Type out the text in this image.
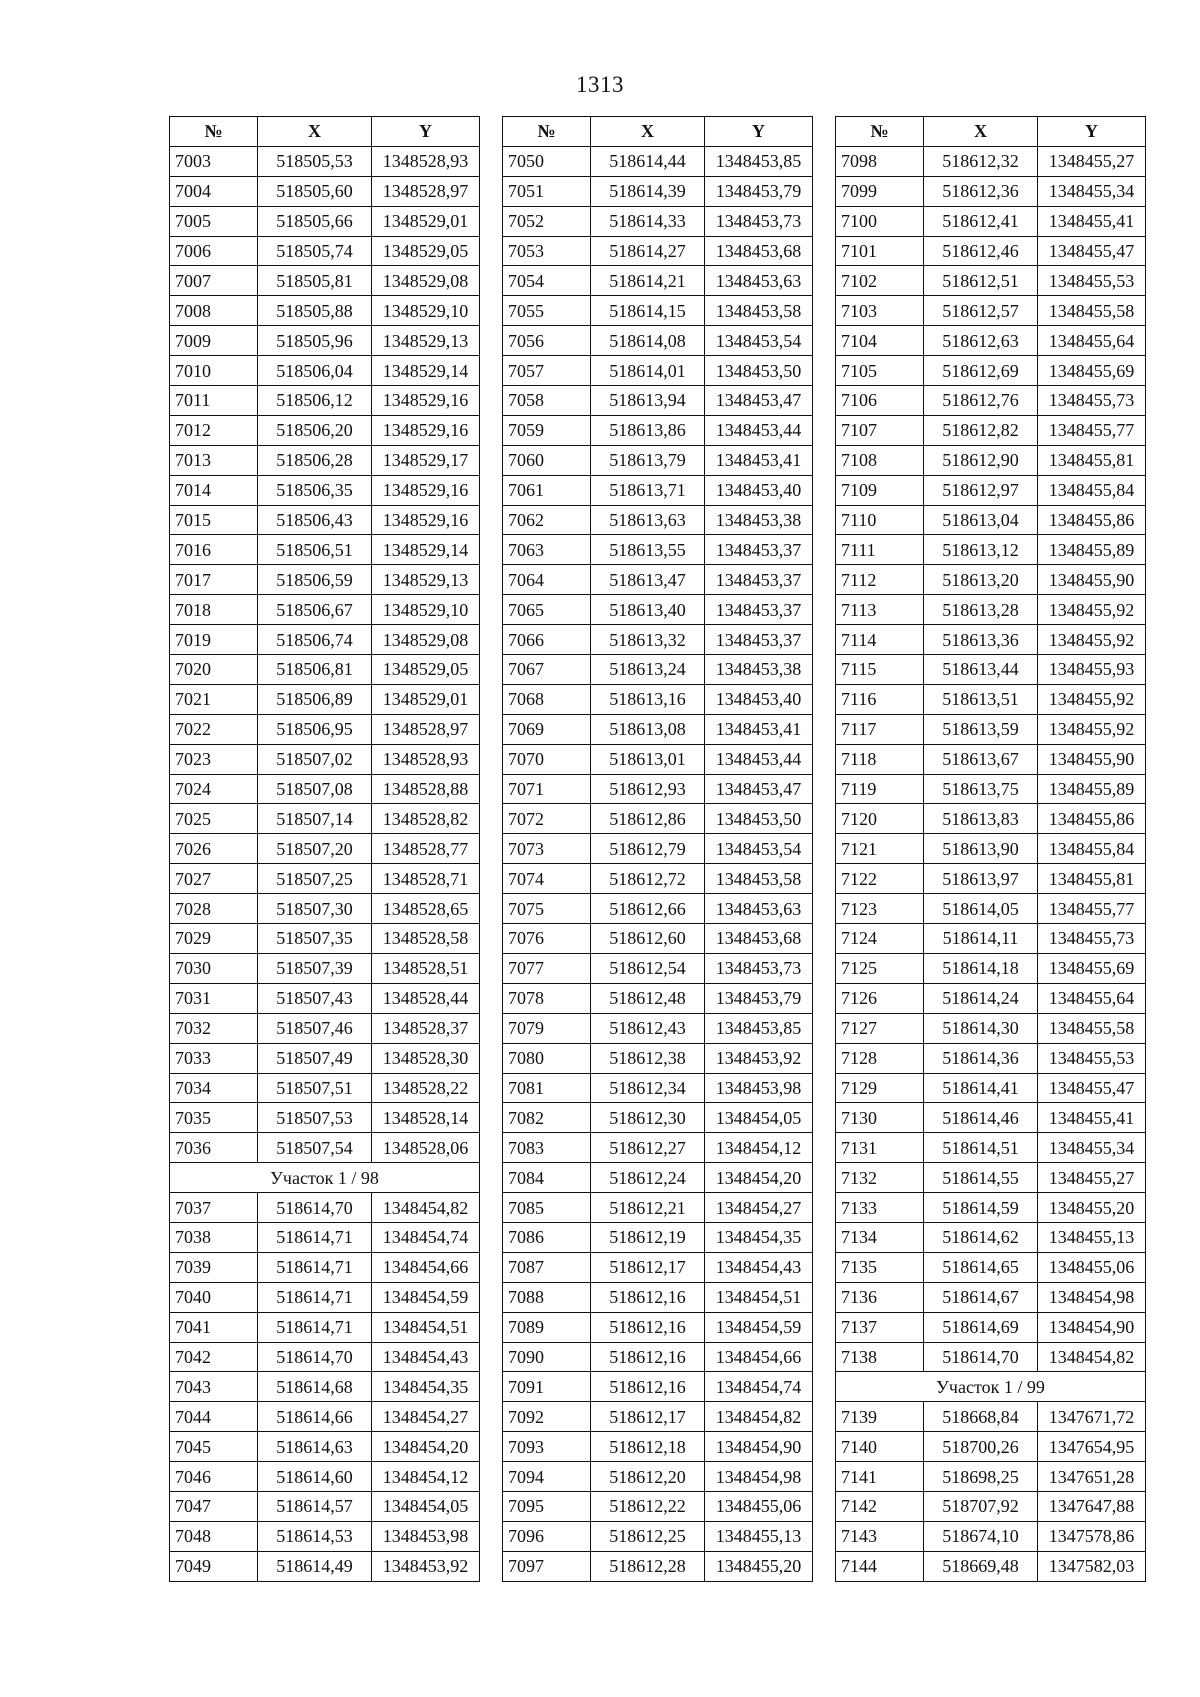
1313
№	X	Y
7003	518505,53	1348528,93
7004	518505,60	1348528,97
7005	518505,66	1348529,01
7006	518505,74	1348529,05
7007	518505,81	1348529,08
7008	518505,88	1348529,10
7009	518505,96	1348529,13
7010	518506,04	1348529,14
7011	518506,12	1348529,16
7012	518506,20	1348529,16
7013	518506,28	1348529,17
7014	518506,35	1348529,16
7015	518506,43	1348529,16
7016	518506,51	1348529,14
7017	518506,59	1348529,13
7018	518506,67	1348529,10
7019	518506,74	1348529,08
7020	518506,81	1348529,05
7021	518506,89	1348529,01
7022	518506,95	1348528,97
7023	518507,02	1348528,93
7024	518507,08	1348528,88
7025	518507,14	1348528,82
7026	518507,20	1348528,77
7027	518507,25	1348528,71
7028	518507,30	1348528,65
7029	518507,35	1348528,58
7030	518507,39	1348528,51
7031	518507,43	1348528,44
7032	518507,46	1348528,37
7033	518507,49	1348528,30
7034	518507,51	1348528,22
7035	518507,53	1348528,14
7036	518507,54	1348528,06
Участок 1 / 98		
7037	518614,70	1348454,82
7038	518614,71	1348454,74
7039	518614,71	1348454,66
7040	518614,71	1348454,59
7041	518614,71	1348454,51
7042	518614,70	1348454,43
7043	518614,68	1348454,35
7044	518614,66	1348454,27
7045	518614,63	1348454,20
7046	518614,60	1348454,12
7047	518614,57	1348454,05
7048	518614,53	1348453,98
7049	518614,49	1348453,92
№	X	Y
7050	518614,44	1348453,85
7051	518614,39	1348453,79
7052	518614,33	1348453,73
7053	518614,27	1348453,68
7054	518614,21	1348453,63
7055	518614,15	1348453,58
7056	518614,08	1348453,54
7057	518614,01	1348453,50
7058	518613,94	1348453,47
7059	518613,86	1348453,44
7060	518613,79	1348453,41
7061	518613,71	1348453,40
7062	518613,63	1348453,38
7063	518613,55	1348453,37
7064	518613,47	1348453,37
7065	518613,40	1348453,37
7066	518613,32	1348453,37
7067	518613,24	1348453,38
7068	518613,16	1348453,40
7069	518613,08	1348453,41
7070	518613,01	1348453,44
7071	518612,93	1348453,47
7072	518612,86	1348453,50
7073	518612,79	1348453,54
7074	518612,72	1348453,58
7075	518612,66	1348453,63
7076	518612,60	1348453,68
7077	518612,54	1348453,73
7078	518612,48	1348453,79
7079	518612,43	1348453,85
7080	518612,38	1348453,92
7081	518612,34	1348453,98
7082	518612,30	1348454,05
7083	518612,27	1348454,12
7084	518612,24	1348454,20
7085	518612,21	1348454,27
7086	518612,19	1348454,35
7087	518612,17	1348454,43
7088	518612,16	1348454,51
7089	518612,16	1348454,59
7090	518612,16	1348454,66
7091	518612,16	1348454,74
7092	518612,17	1348454,82
7093	518612,18	1348454,90
7094	518612,20	1348454,98
7095	518612,22	1348455,06
7096	518612,25	1348455,13
7097	518612,28	1348455,20
№	X	Y
7098	518612,32	1348455,27
7099	518612,36	1348455,34
7100	518612,41	1348455,41
7101	518612,46	1348455,47
7102	518612,51	1348455,53
7103	518612,57	1348455,58
7104	518612,63	1348455,64
7105	518612,69	1348455,69
7106	518612,76	1348455,73
7107	518612,82	1348455,77
7108	518612,90	1348455,81
7109	518612,97	1348455,84
7110	518613,04	1348455,86
7111	518613,12	1348455,89
7112	518613,20	1348455,90
7113	518613,28	1348455,92
7114	518613,36	1348455,92
7115	518613,44	1348455,93
7116	518613,51	1348455,92
7117	518613,59	1348455,92
7118	518613,67	1348455,90
7119	518613,75	1348455,89
7120	518613,83	1348455,86
7121	518613,90	1348455,84
7122	518613,97	1348455,81
7123	518614,05	1348455,77
7124	518614,11	1348455,73
7125	518614,18	1348455,69
7126	518614,24	1348455,64
7127	518614,30	1348455,58
7128	518614,36	1348455,53
7129	518614,41	1348455,47
7130	518614,46	1348455,41
7131	518614,51	1348455,34
7132	518614,55	1348455,27
7133	518614,59	1348455,20
7134	518614,62	1348455,13
7135	518614,65	1348455,06
7136	518614,67	1348454,98
7137	518614,69	1348454,90
7138	518614,70	1348454,82
Участок 1 / 99		
7139	518668,84	1347671,72
7140	518700,26	1347654,95
7141	518698,25	1347651,28
7142	518707,92	1347647,88
7143	518674,10	1347578,86
7144	518669,48	1347582,03
